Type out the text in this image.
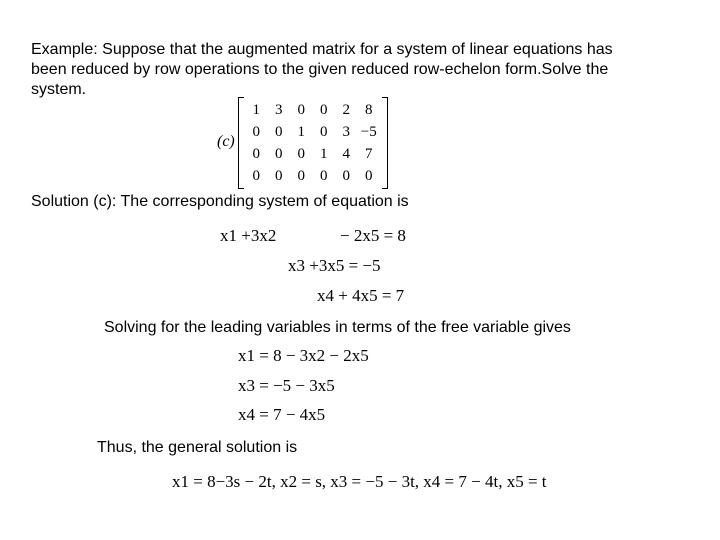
Example: Suppose that the augmented matrix for a system of linear equations has

been reduced by row operations to the given reduced row-echelon form.Solve the

system.

(c)
1	3	0	0	2	8
0	0	1	0	3	−5
0	0	0	1	4	7
0	0	0	0	0	0
Solution (c): The corresponding system of equation is
x1 +3x2	− 2x5 = 8
x3 +3x5 = −5
x4 + 4x5 = 7
Solving for the leading variables in terms of the free variable gives
x1 = 8 − 3x2 − 2x5
x3 = −5 − 3x5
x4 = 7 − 4x5
Thus, the general solution is
x1 = 8−3s − 2t, x2 = s, x3 = −5 − 3t, x4 = 7 − 4t, x5 = t
